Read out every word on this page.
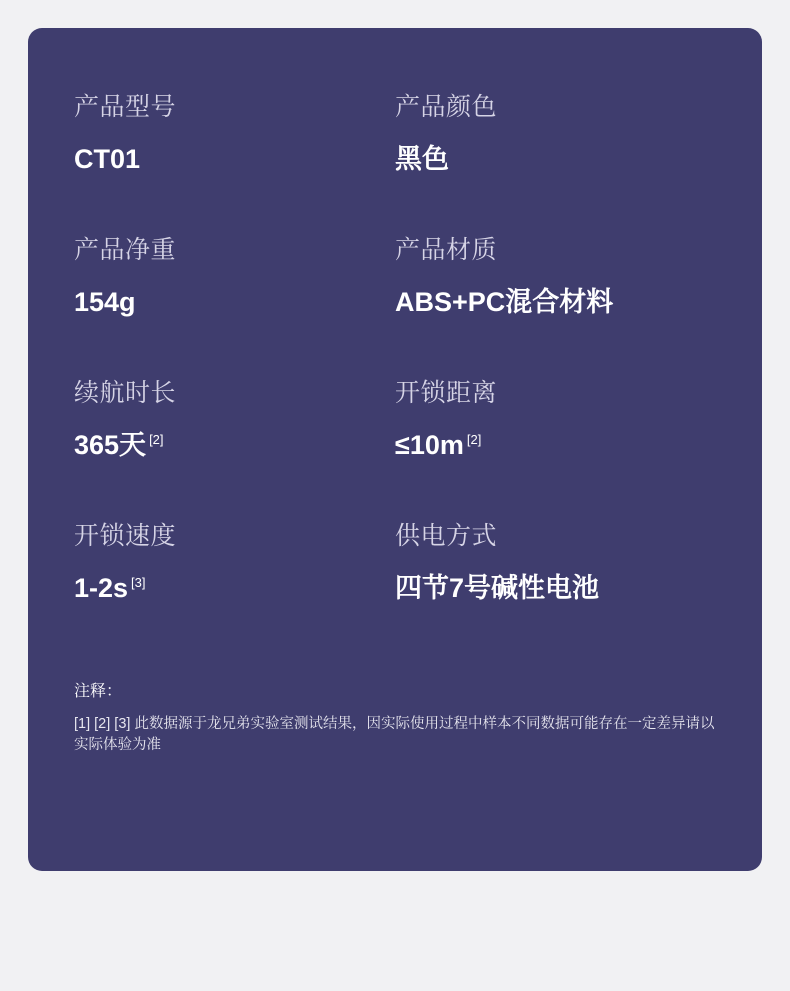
产品型号
CT01
产品颜色
黑色
产品净重
154g
产品材质
ABS+PC混合材料
续航时长
365天 [2]
开锁距离
≤10m [2]
开锁速度
1-2s [3]
供电方式
四节7号碱性电池
注释：
[1] [2] [3] 此数据源于龙兄弟实验室测试结果，因实际使用过程中样本不同数据可能存在一定差异请以实际体验为准
